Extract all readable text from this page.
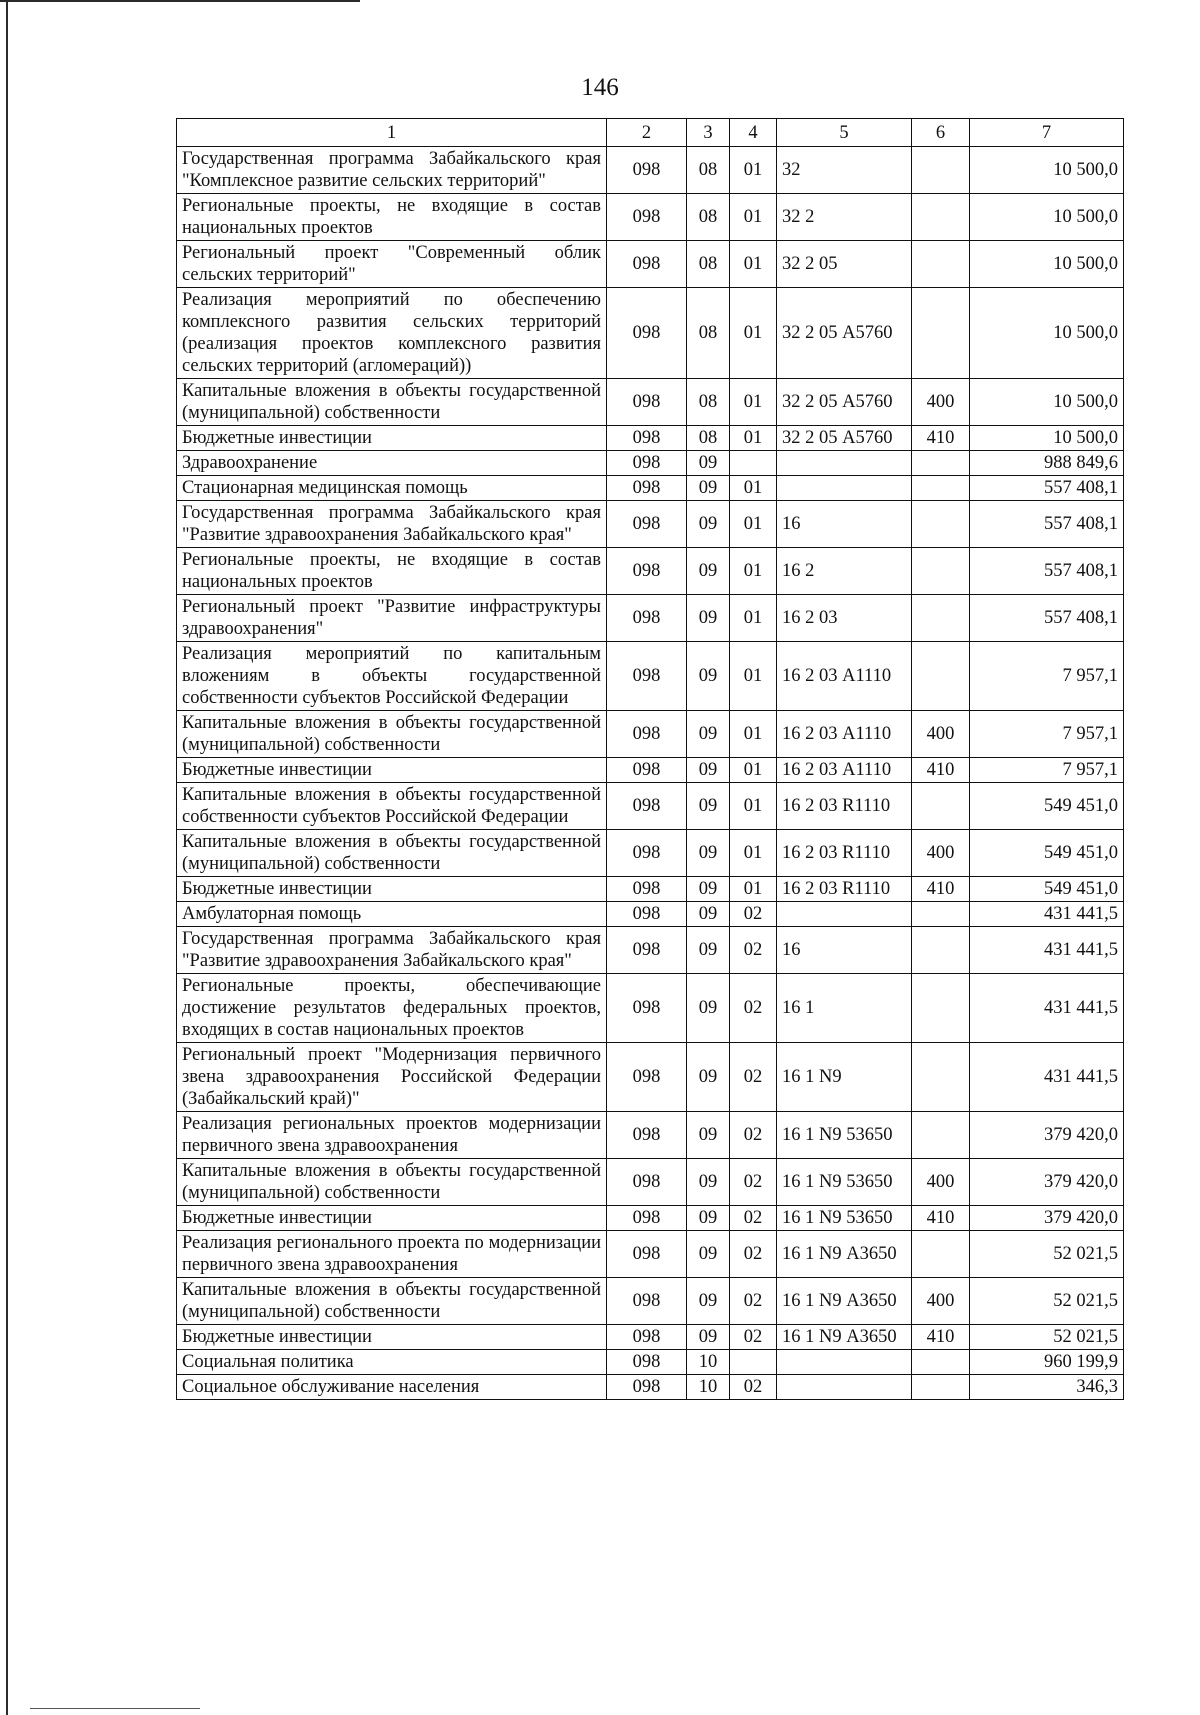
146
1	2	3	4	5	6	7
Государственная программа Забайкальского края "Комплексное развитие сельских территорий"	098	08	01	32		10 500,0
Региональные проекты, не входящие в состав национальных проектов	098	08	01	32 2		10 500,0
Региональный проект "Современный облик сельских территорий"	098	08	01	32 2 05		10 500,0
Реализация мероприятий по обеспечению комплексного развития сельских территорий (реализация проектов комплексного развития сельских территорий (агломераций))	098	08	01	32 2 05 А5760		10 500,0
Капитальные вложения в объекты государственной (муниципальной) собственности	098	08	01	32 2 05 А5760	400	10 500,0
Бюджетные инвестиции	098	08	01	32 2 05 А5760	410	10 500,0
Здравоохранение	098	09				988 849,6
Стационарная медицинская помощь	098	09	01			557 408,1
Государственная программа Забайкальского края "Развитие здравоохранения Забайкальского края"	098	09	01	16		557 408,1
Региональные проекты, не входящие в состав национальных проектов	098	09	01	16 2		557 408,1
Региональный проект "Развитие инфраструктуры здравоохранения"	098	09	01	16 2 03		557 408,1
Реализация мероприятий по капитальным вложениям в объекты государственной собственности субъектов Российской Федерации	098	09	01	16 2 03 А1110		7 957,1
Капитальные вложения в объекты государственной (муниципальной) собственности	098	09	01	16 2 03 А1110	400	7 957,1
Бюджетные инвестиции	098	09	01	16 2 03 А1110	410	7 957,1
Капитальные вложения в объекты государственной собственности субъектов Российской Федерации	098	09	01	16 2 03 R1110		549 451,0
Капитальные вложения в объекты государственной (муниципальной) собственности	098	09	01	16 2 03 R1110	400	549 451,0
Бюджетные инвестиции	098	09	01	16 2 03 R1110	410	549 451,0
Амбулаторная помощь	098	09	02			431 441,5
Государственная программа Забайкальского края "Развитие здравоохранения Забайкальского края"	098	09	02	16		431 441,5
Региональные проекты, обеспечивающие достижение результатов федеральных проектов, входящих в состав национальных проектов	098	09	02	16 1		431 441,5
Региональный проект "Модернизация первичного звена здравоохранения Российской Федерации (Забайкальский край)"	098	09	02	16 1 N9		431 441,5
Реализация региональных проектов модернизации первичного звена здравоохранения	098	09	02	16 1 N9 53650		379 420,0
Капитальные вложения в объекты государственной (муниципальной) собственности	098	09	02	16 1 N9 53650	400	379 420,0
Бюджетные инвестиции	098	09	02	16 1 N9 53650	410	379 420,0
Реализация регионального проекта по модернизации первичного звена здравоохранения	098	09	02	16 1 N9 А3650		52 021,5
Капитальные вложения в объекты государственной (муниципальной) собственности	098	09	02	16 1 N9 А3650	400	52 021,5
Бюджетные инвестиции	098	09	02	16 1 N9 А3650	410	52 021,5
Социальная политика	098	10				960 199,9
Социальное обслуживание населения	098	10	02			346,3
